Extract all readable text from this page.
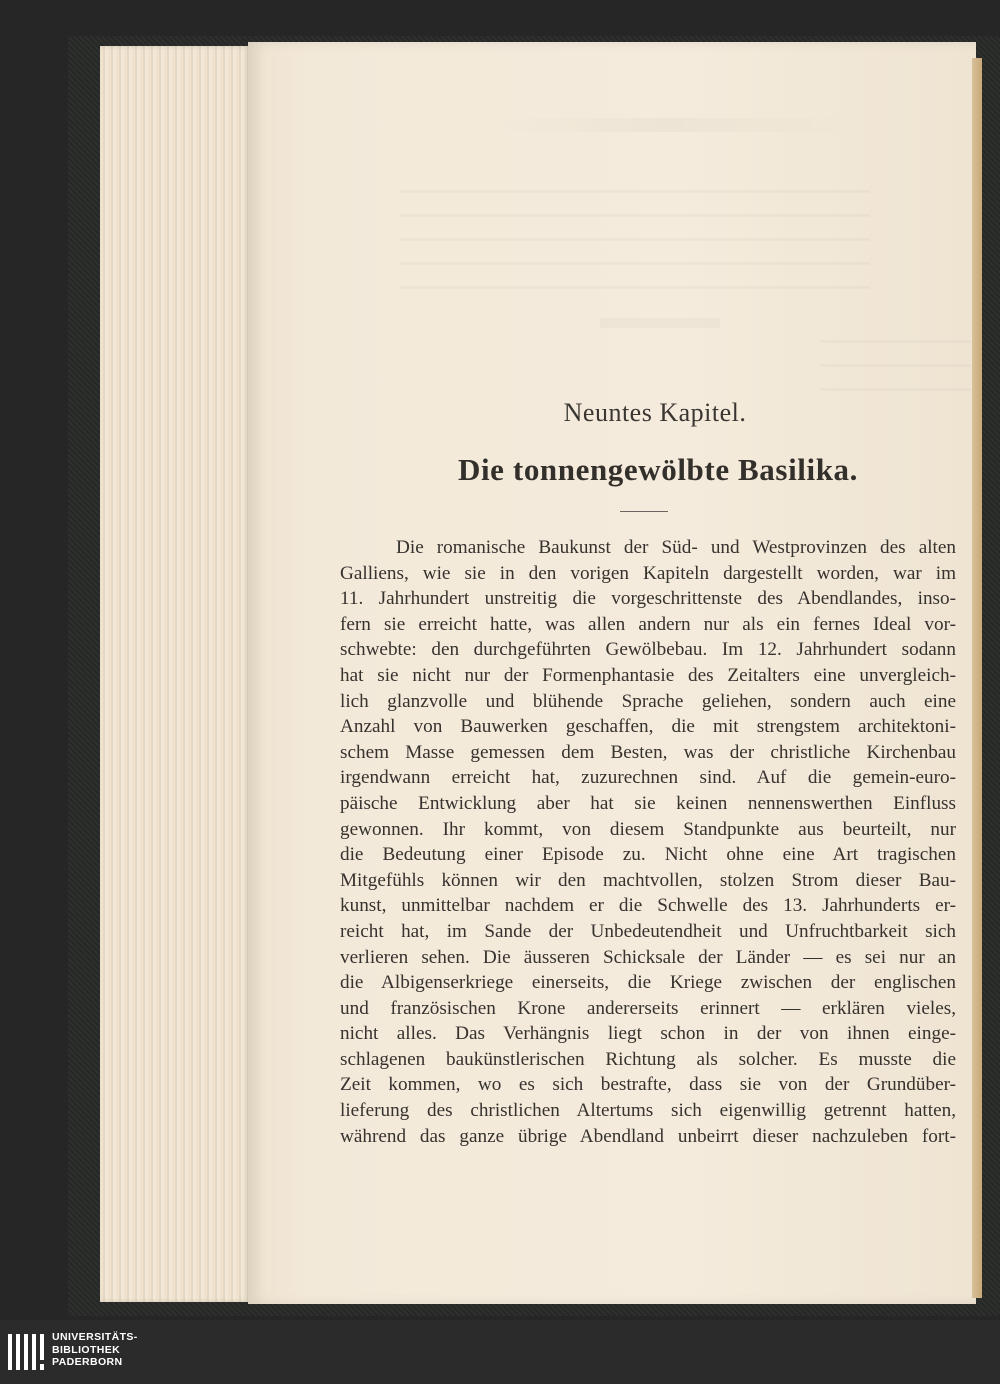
Neuntes Kapitel.
Die tonnengewölbte Basilika.
Die romanische Baukunst der Süd- und Westprovinzen des alten
Galliens, wie sie in den vorigen Kapiteln dargestellt worden, war im
11. Jahrhundert unstreitig die vorgeschrittenste des Abendlandes, inso-
fern sie erreicht hatte, was allen andern nur als ein fernes Ideal vor-
schwebte: den durchgeführten Gewölbebau. Im 12. Jahrhundert sodann
hat sie nicht nur der Formenphantasie des Zeitalters eine unvergleich-
lich glanzvolle und blühende Sprache geliehen, sondern auch eine
Anzahl von Bauwerken geschaffen, die mit strengstem architektoni-
schem Masse gemessen dem Besten, was der christliche Kirchenbau
irgendwann erreicht hat, zuzurechnen sind. Auf die gemein-euro-
päische Entwicklung aber hat sie keinen nennenswerthen Einfluss
gewonnen. Ihr kommt, von diesem Standpunkte aus beurteilt, nur
die Bedeutung einer Episode zu. Nicht ohne eine Art tragischen
Mitgefühls können wir den machtvollen, stolzen Strom dieser Bau-
kunst, unmittelbar nachdem er die Schwelle des 13. Jahrhunderts er-
reicht hat, im Sande der Unbedeutendheit und Unfruchtbarkeit sich
verlieren sehen. Die äusseren Schicksale der Länder — es sei nur an
die Albigenserkriege einerseits, die Kriege zwischen der englischen
und französischen Krone andererseits erinnert — erklären vieles,
nicht alles. Das Verhängnis liegt schon in der von ihnen einge-
schlagenen baukünstlerischen Richtung als solcher. Es musste die
Zeit kommen, wo es sich bestrafte, dass sie von der Grundüber-
lieferung des christlichen Altertums sich eigenwillig getrennt hatten,
während das ganze übrige Abendland unbeirrt dieser nachzuleben fort-
UNIVERSITÄTS-
BIBLIOTHEK
PADERBORN
